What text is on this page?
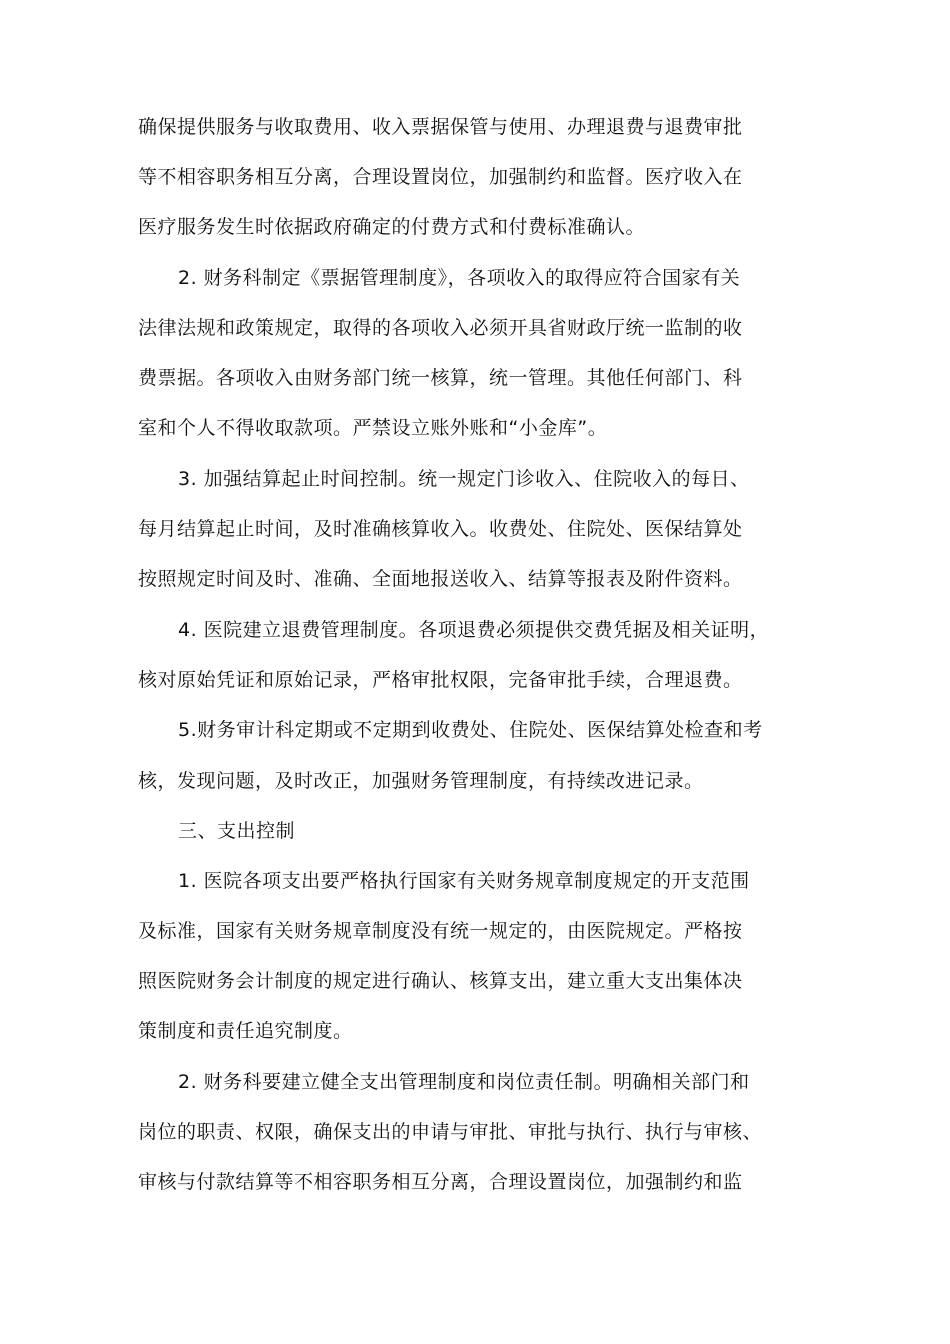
确保提供服务与收取费用、收入票据保管与使用、办理退费与退费审批
等不相容职务相互分离，合理设置岗位，加强制约和监督。医疗收入在
医疗服务发生时依据政府确定的付费方式和付费标准确认。
2. 财务科制定《票据管理制度》，各项收入的取得应符合国家有关
法律法规和政策规定，取得的各项收入必须开具省财政厅统一监制的收
费票据。各项收入由财务部门统一核算，统一管理。其他任何部门、科
室和个人不得收取款项。严禁设立账外账和“小金库”。
3. 加强结算起止时间控制。统一规定门诊收入、住院收入的每日、
每月结算起止时间，及时准确核算收入。收费处、住院处、医保结算处
按照规定时间及时、准确、全面地报送收入、结算等报表及附件资料。
4. 医院建立退费管理制度。各项退费必须提供交费凭据及相关证明，
核对原始凭证和原始记录，严格审批权限，完备审批手续，合理退费。
5.财务审计科定期或不定期到收费处、住院处、医保结算处检查和考
核，发现问题，及时改正，加强财务管理制度，有持续改进记录。
三、支出控制
1. 医院各项支出要严格执行国家有关财务规章制度规定的开支范围
及标准，国家有关财务规章制度没有统一规定的，由医院规定。严格按
照医院财务会计制度的规定进行确认、核算支出，建立重大支出集体决
策制度和责任追究制度。
2. 财务科要建立健全支出管理制度和岗位责任制。明确相关部门和
岗位的职责、权限，确保支出的申请与审批、审批与执行、执行与审核、
审核与付款结算等不相容职务相互分离，合理设置岗位，加强制约和监
